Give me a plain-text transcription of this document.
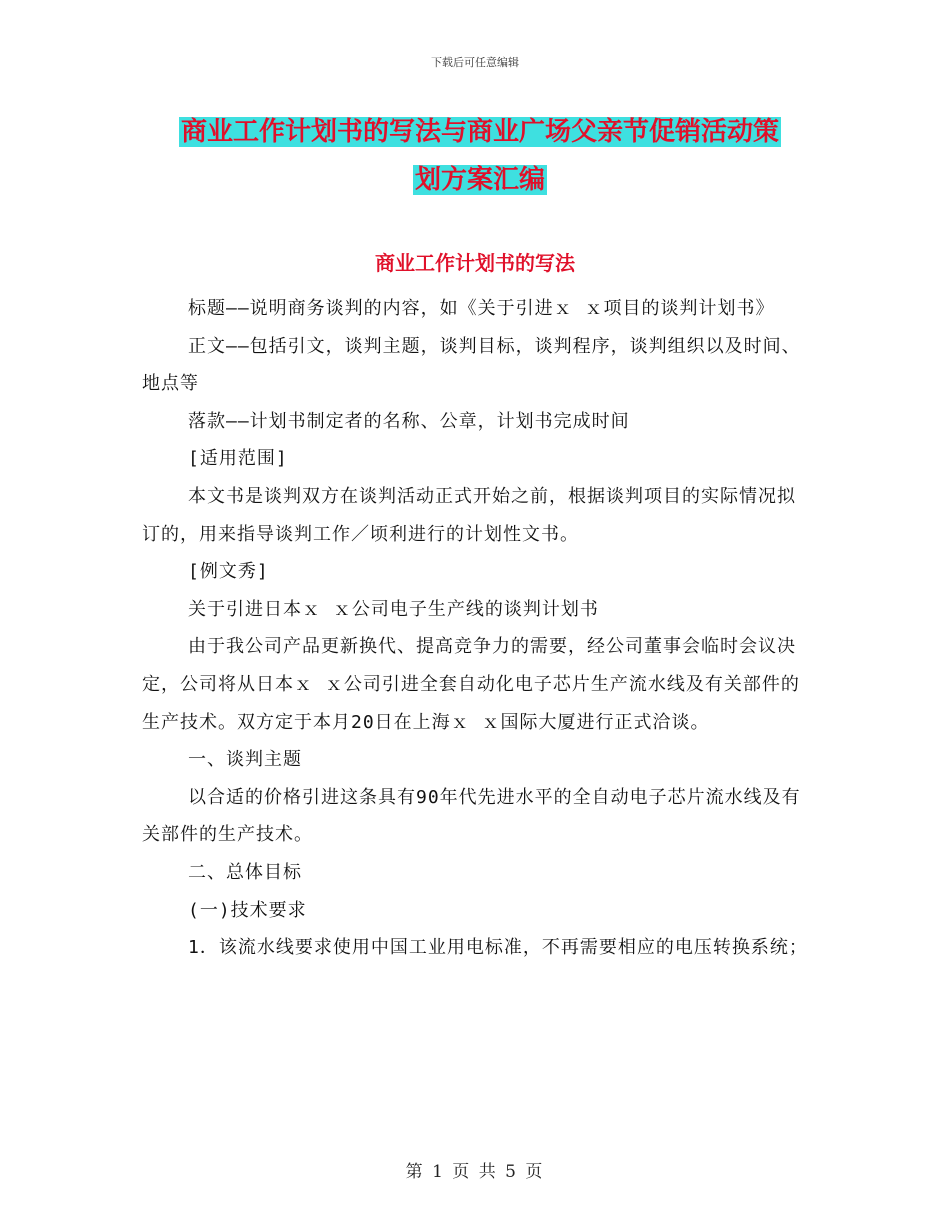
下载后可任意编辑
商业工作计划书的写法与商业广场父亲节促销活动策
划方案汇编
商业工作计划书的写法

标题——说明商务谈判的内容，如《关于引进ｘ ｘ项目的谈判计划书》

正文——包括引文，谈判主题，谈判目标，谈判程序，谈判组织以及时间、地点等

落款——计划书制定者的名称、公章，计划书完成时间

[适用范围]

本文书是谈判双方在谈判活动正式开始之前，根据谈判项目的实际情况拟订的，用来指导谈判工作／顷利进行的计划性文书。

[例文秀]

关于引进日本ｘ ｘ公司电子生产线的谈判计划书

由于我公司产品更新换代、提高竞争力的需要，经公司董事会临时会议决定，公司将从日本ｘ ｘ公司引进全套自动化电子芯片生产流水线及有关部件的生产技术。双方定于本月20日在上海ｘ ｘ国际大厦进行正式洽谈。

一、谈判主题

以合适的价格引进这条具有90年代先进水平的全自动电子芯片流水线及有关部件的生产技术。

二、总体目标

(一)技术要求

1．该流水线要求使用中国工业用电标准，不再需要相应的电压转换系统；

第 1 页 共 5 页
